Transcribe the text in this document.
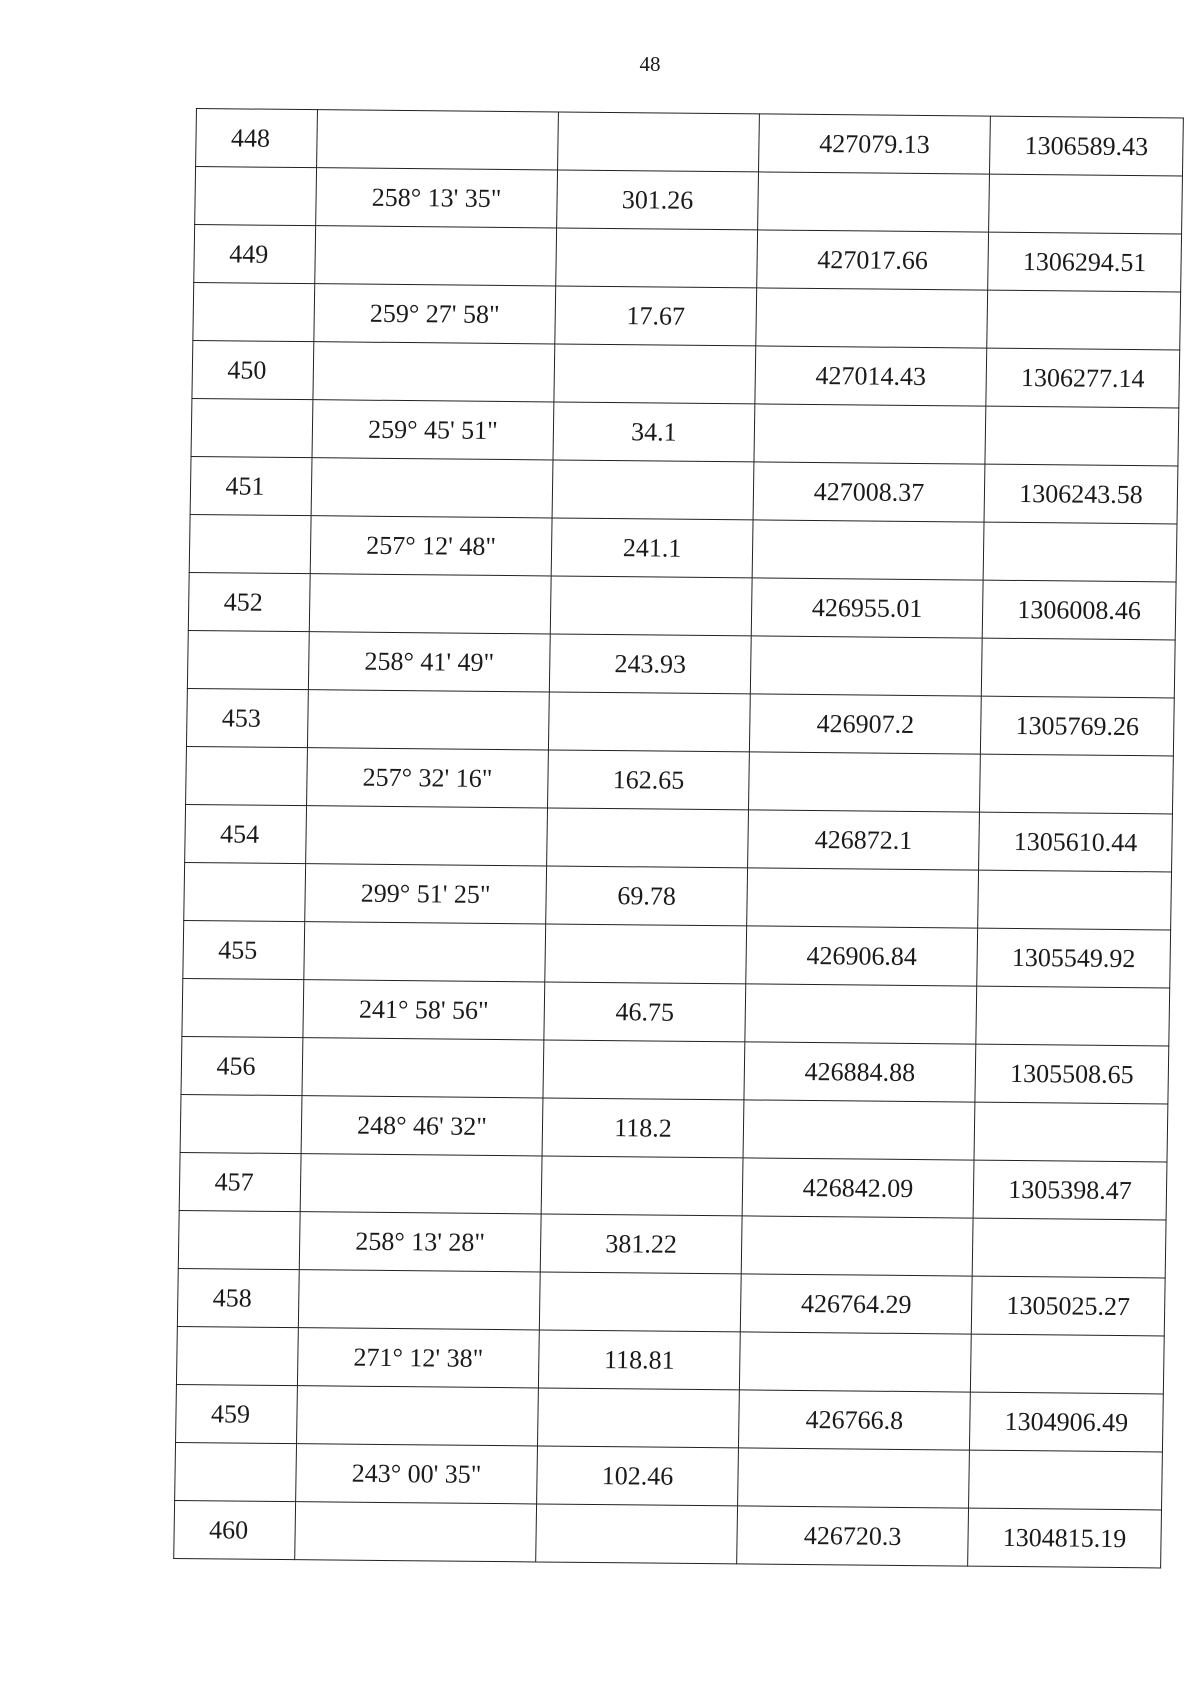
48
448			427079.13	1306589.43
	258° 13' 35"	301.26		
449			427017.66	1306294.51
	259° 27' 58"	17.67		
450			427014.43	1306277.14
	259° 45' 51"	34.1		
451			427008.37	1306243.58
	257° 12' 48"	241.1		
452			426955.01	1306008.46
	258° 41' 49"	243.93		
453			426907.2	1305769.26
	257° 32' 16"	162.65		
454			426872.1	1305610.44
	299° 51' 25"	69.78		
455			426906.84	1305549.92
	241° 58' 56"	46.75		
456			426884.88	1305508.65
	248° 46' 32"	118.2		
457			426842.09	1305398.47
	258° 13' 28"	381.22		
458			426764.29	1305025.27
	271° 12' 38"	118.81		
459			426766.8	1304906.49
	243° 00' 35"	102.46		
460			426720.3	1304815.19
